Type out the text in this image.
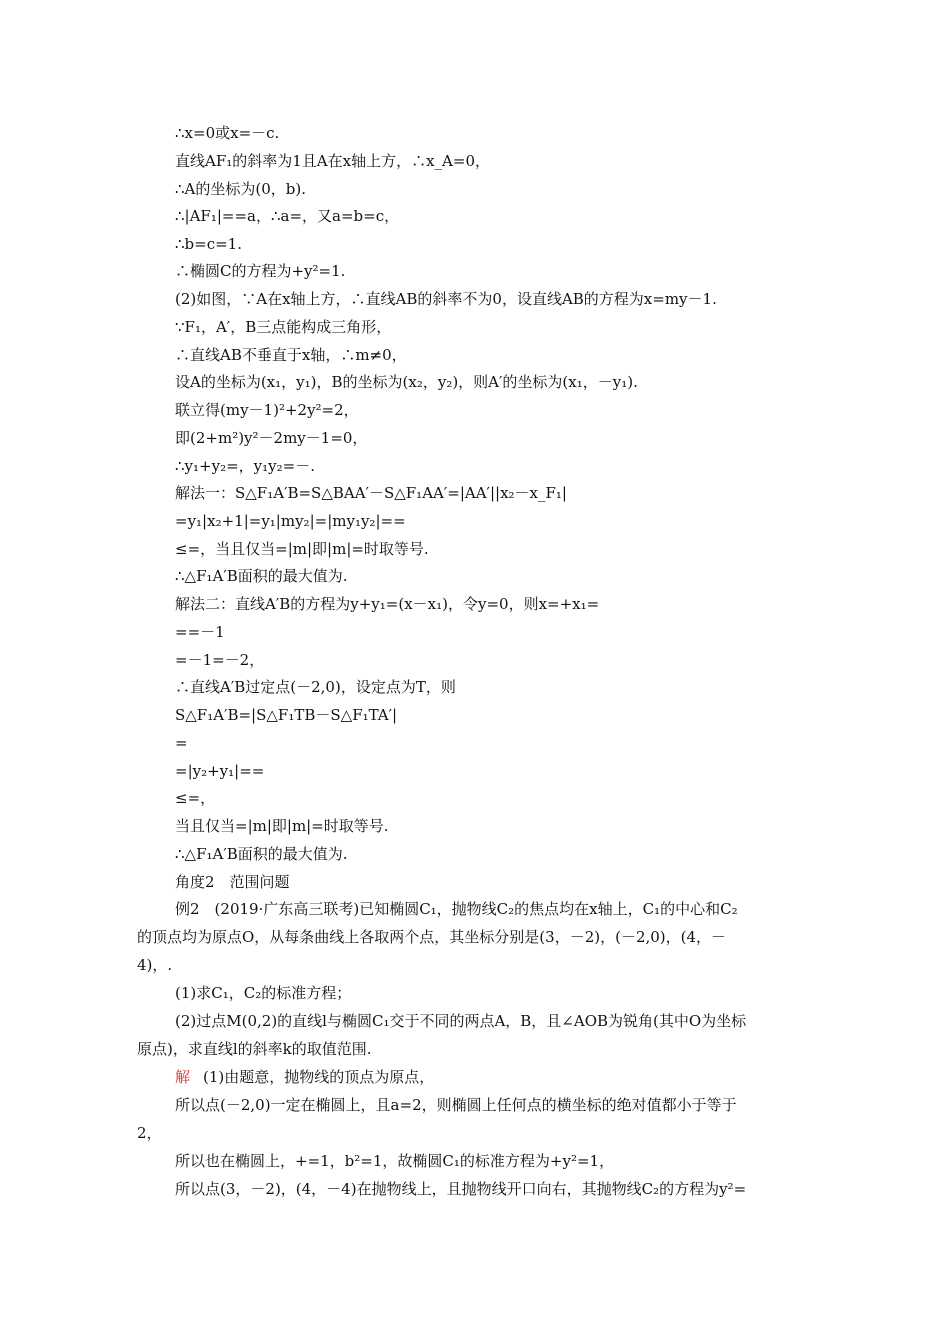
∴x=0或x=－c.
直线AF₁的斜率为1且A在x轴上方，∴x_A=0，
∴A的坐标为(0，b).
∴|AF₁|==a，∴a=，又a=b=c，
∴b=c=1.
∴椭圆C的方程为+y²=1.
(2)如图，∵A在x轴上方，∴直线AB的斜率不为0，设直线AB的方程为x=my－1.
∵F₁，A′，B三点能构成三角形，
∴直线AB不垂直于x轴，∴m≠0，
设A的坐标为(x₁，y₁)，B的坐标为(x₂，y₂)，则A′的坐标为(x₁，－y₁).
联立得(my－1)²+2y²=2，
即(2+m²)y²－2my－1=0，
∴y₁+y₂=，y₁y₂=－.
解法一：S△F₁A′B=S△BAA′－S△F₁AA′=|AA′||x₂－x_F₁|
=y₁|x₂+1|=y₁|my₂|=|my₁y₂|==
≤=，当且仅当=|m|即|m|=时取等号.
∴△F₁A′B面积的最大值为.
解法二：直线A′B的方程为y+y₁=(x－x₁)，令y=0，则x=+x₁=
==－1
=－1=－2，
∴直线A′B过定点(－2,0)，设定点为T，则
S△F₁A′B=|S△F₁TB－S△F₁TA′|
=
=|y₂+y₁|==
≤=，
当且仅当=|m|即|m|=时取等号.
∴△F₁A′B面积的最大值为.
角度2　范围问题
例2　(2019·广东高三联考)已知椭圆C₁，抛物线C₂的焦点均在x轴上，C₁的中心和C₂
的顶点均为原点O，从每条曲线上各取两个点，其坐标分别是(3，－2)，(－2,0)，(4，－
4)，.
(1)求C₁，C₂的标准方程；
(2)过点M(0,2)的直线l与椭圆C₁交于不同的两点A，B，且∠AOB为锐角(其中O为坐标
原点)，求直线l的斜率k的取值范围.
解 (1)由题意，抛物线的顶点为原点，
所以点(－2,0)一定在椭圆上，且a=2，则椭圆上任何点的横坐标的绝对值都小于等于
2，
所以也在椭圆上，+=1，b²=1，故椭圆C₁的标准方程为+y²=1，
所以点(3，－2)，(4，－4)在抛物线上，且抛物线开口向右，其抛物线C₂的方程为y²=
